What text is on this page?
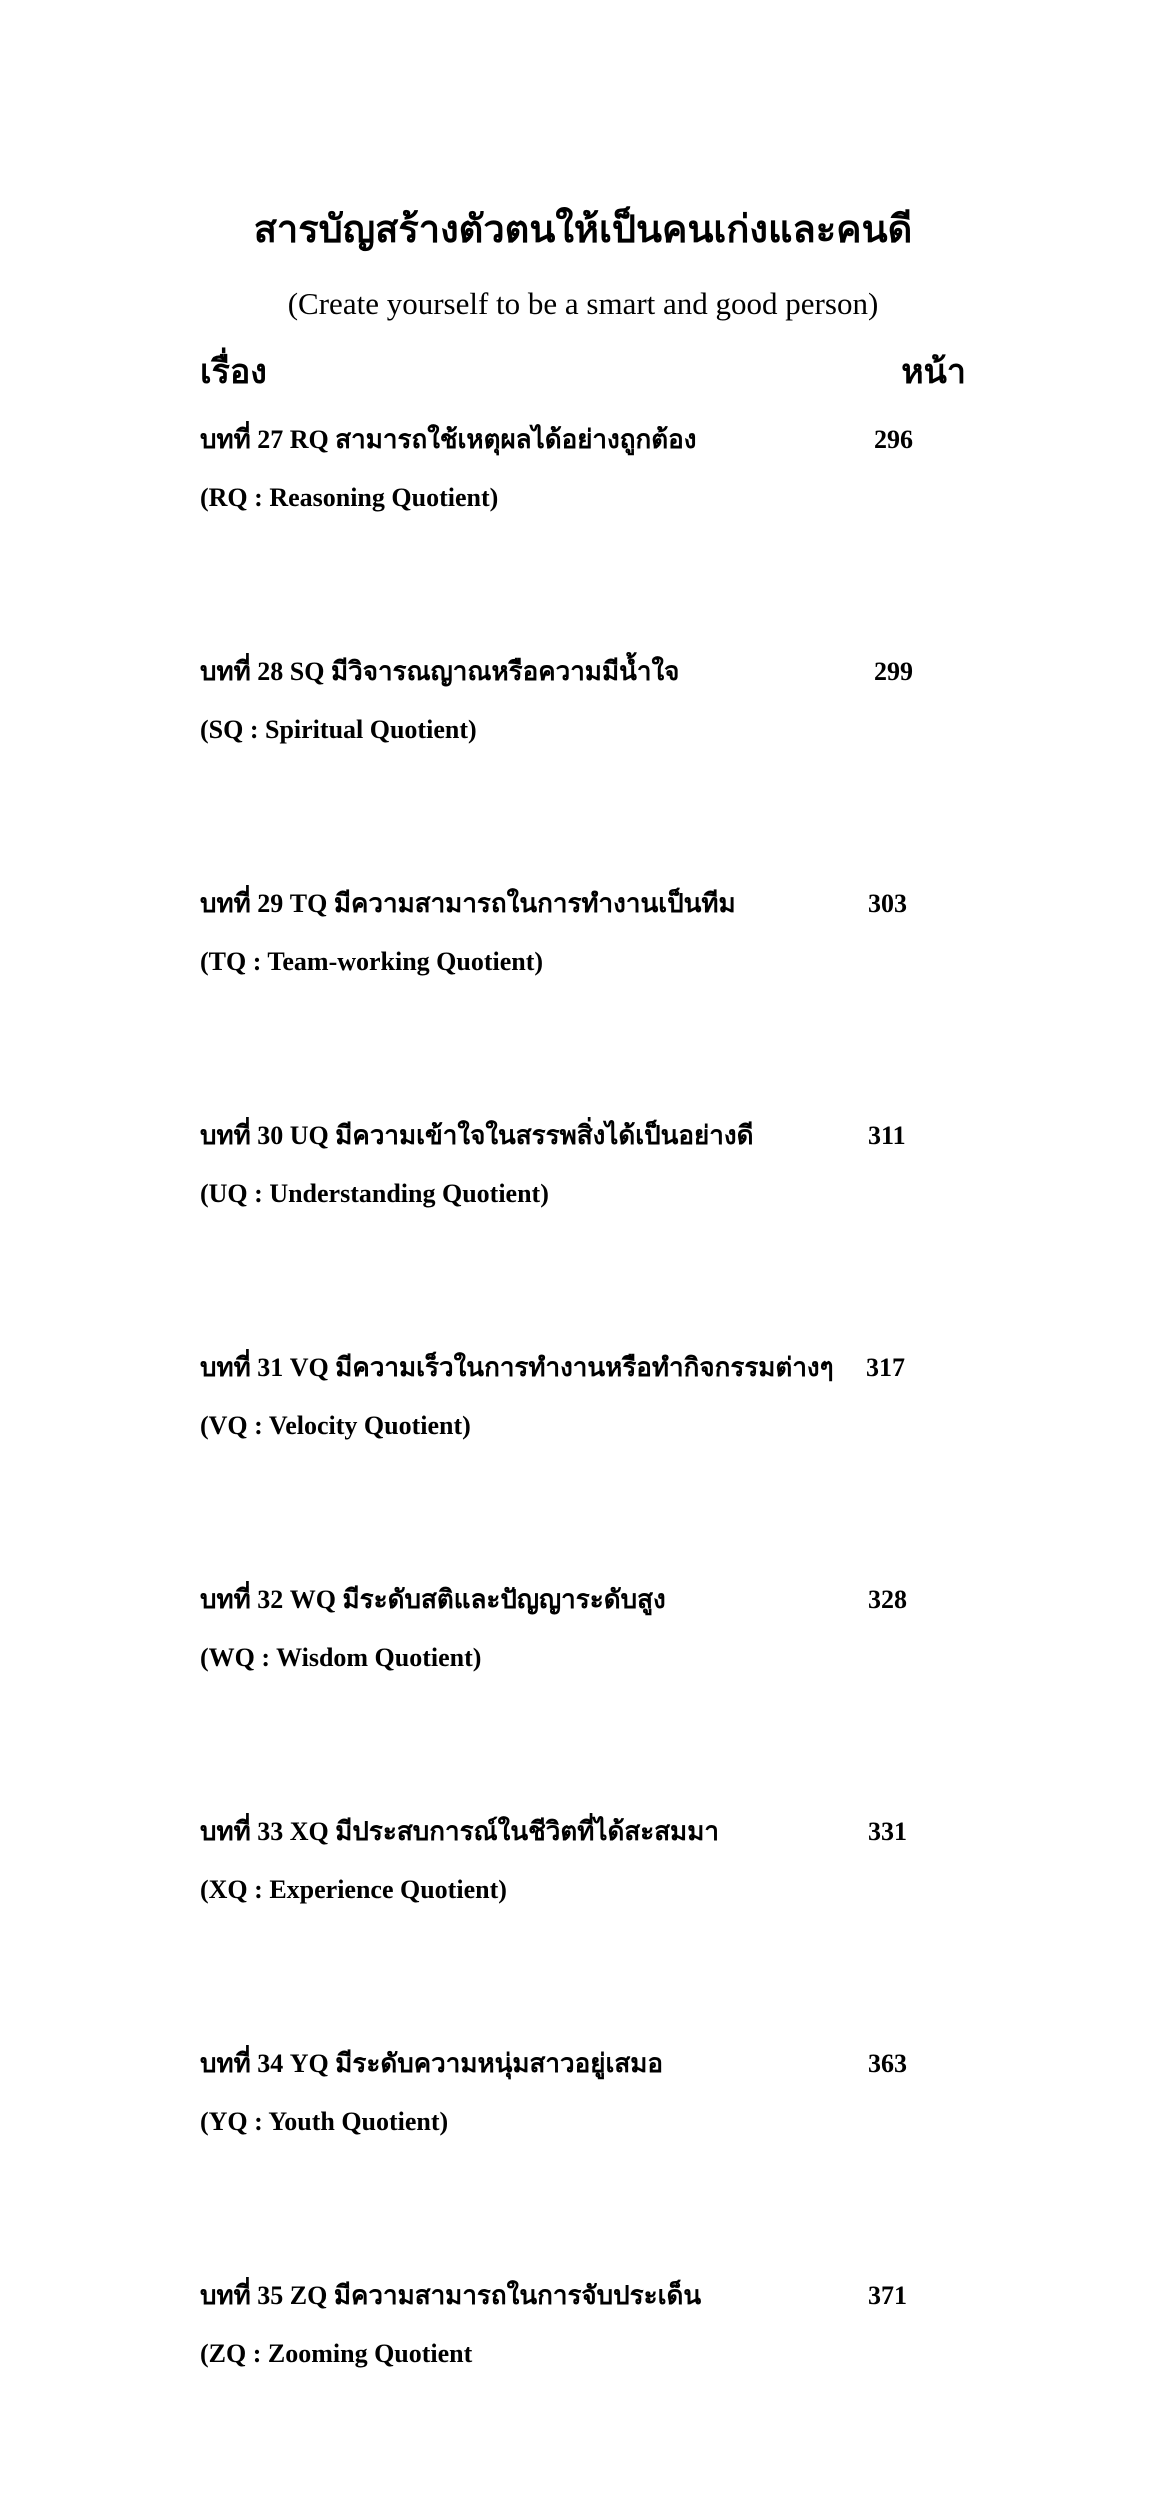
สารบัญสร้างตัวตนให้เป็นคนเก่งและคนดี
(Create yourself to be a smart and good person)
เรื่อง	หน้า
บทที่ 27 RQ สามารถใช้เหตุผลได้อย่างถูกต้อง	296
(RQ : Reasoning Quotient)
บทที่ 28 SQ มีวิจารณญาณหรือความมีน้ำใจ	299
(SQ : Spiritual Quotient)
บทที่ 29 TQ มีความสามารถในการทำงานเป็นทีม	303
(TQ : Team-working Quotient)
บทที่ 30 UQ มีความเข้าใจในสรรพสิ่งได้เป็นอย่างดี	311
(UQ : Understanding Quotient)
บทที่ 31 VQ มีความเร็วในการทำงานหรือทำกิจกรรมต่างๆ 317
(VQ : Velocity Quotient)
บทที่ 32 WQ มีระดับสติและปัญญาระดับสูง	328
(WQ : Wisdom Quotient)
บทที่ 33 XQ มีประสบการณ์ในชีวิตที่ได้สะสมมา	331
(XQ : Experience Quotient)
บทที่ 34 YQ มีระดับความหนุ่มสาวอยู่เสมอ	363
(YQ : Youth Quotient)
บทที่ 35 ZQ มีความสามารถในการจับประเด็น	371
(ZQ : Zooming Quotient
